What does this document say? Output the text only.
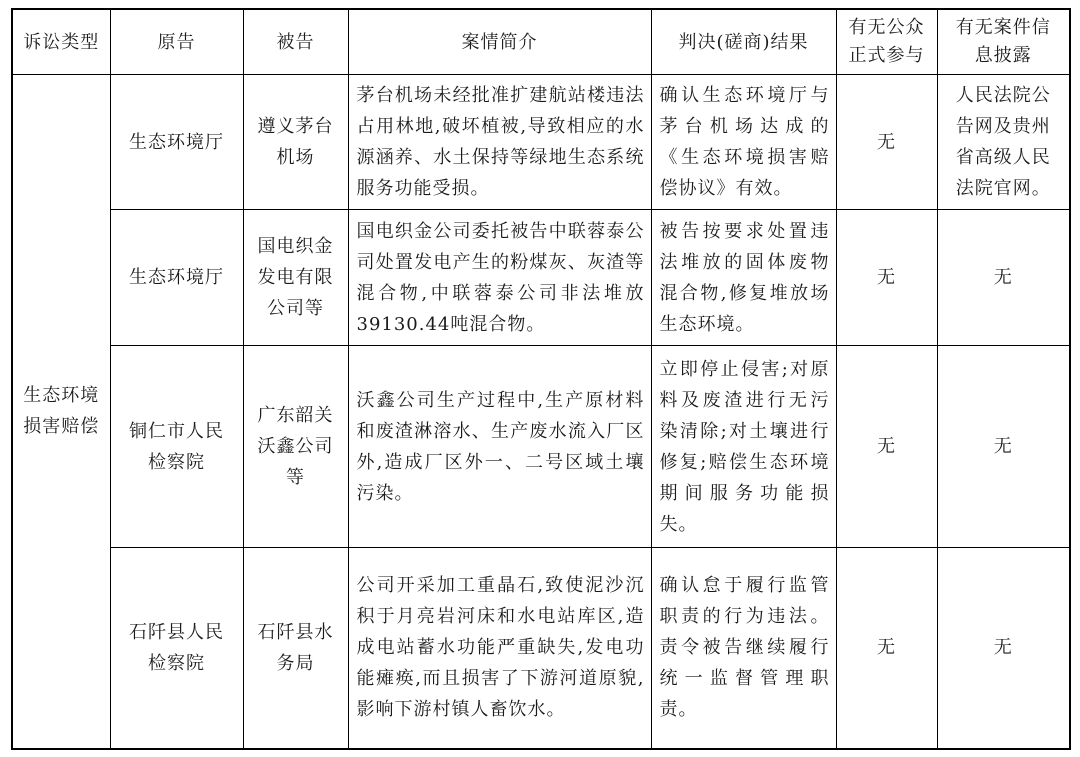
诉讼类型	原告	被告	案情简介	判决(磋商)结果	有无公众正式参与	有无案件信息披露

生态环境损害赔偿	生态环境厅	遵义茅台机场	茅台机场未经批准扩建航站楼违法占用林地,破坏植被,导致相应的水源涵养、水土保持等绿地生态系统服务功能受损。	确认生态环境厅与茅台机场达成的《生态环境损害赔偿协议》有效。	无	人民法院公告网及贵州省高级人民法院官网。

	生态环境厅	国电织金发电有限公司等	国电织金公司委托被告中联蓉泰公司处置发电产生的粉煤灰、灰渣等混合物,中联蓉泰公司非法堆放39130.44吨混合物。	被告按要求处置违法堆放的固体废物混合物,修复堆放场生态环境。	无	无

	铜仁市人民检察院	广东韶关沃鑫公司等	沃鑫公司生产过程中,生产原材料和废渣淋溶水、生产废水流入厂区外,造成厂区外一、二号区域土壤污染。	立即停止侵害;对原料及废渣进行无污染清除;对土壤进行修复;赔偿生态环境期间服务功能损失。	无	无

	石阡县人民检察院	石阡县水务局	公司开采加工重晶石,致使泥沙沉积于月亮岩河床和水电站库区,造成电站蓄水功能严重缺失,发电功能瘫痪,而且损害了下游河道原貌,影响下游村镇人畜饮水。	确认怠于履行监管职责的行为违法。责令被告继续履行统一监督管理职责。	无	无
